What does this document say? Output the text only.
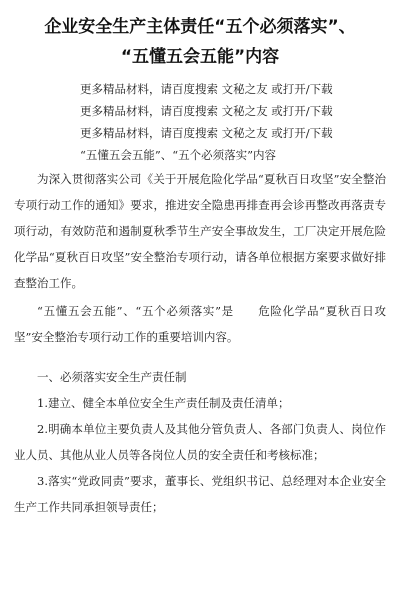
企业安全生产主体责任“五个必须落实”、
“五懂五会五能”内容
更多精品材料，请百度搜索 文秘之友 或打开/下载
更多精品材料，请百度搜索 文秘之友 或打开/下载
更多精品材料，请百度搜索 文秘之友 或打开/下载
“五懂五会五能”、“五个必须落实”内容

为深入贯彻落实公司《关于开展危险化学品“夏秋百日攻坚”安全整治专项行动工作的通知》要求，推进安全隐患再排查再会诊再整改再落责专项行动，有效防范和遏制夏秋季节生产安全事故发生，工厂决定开展危险化学品“夏秋百日攻坚”安全整治专项行动，请各单位根据方案要求做好排查整治工作。

“五懂五会五能”、“五个必须落实”是　　危险化学品“夏秋百日攻坚”安全整治专项行动工作的重要培训内容。

一、必须落实安全生产责任制

1.建立、健全本单位安全生产责任制及责任清单；

2.明确本单位主要负责人及其他分管负责人、各部门负责人、岗位作业人员、其他从业人员等各岗位人员的安全责任和考核标准；

3.落实“党政同责”要求，董事长、党组织书记、总经理对本企业安全生产工作共同承担领导责任；
